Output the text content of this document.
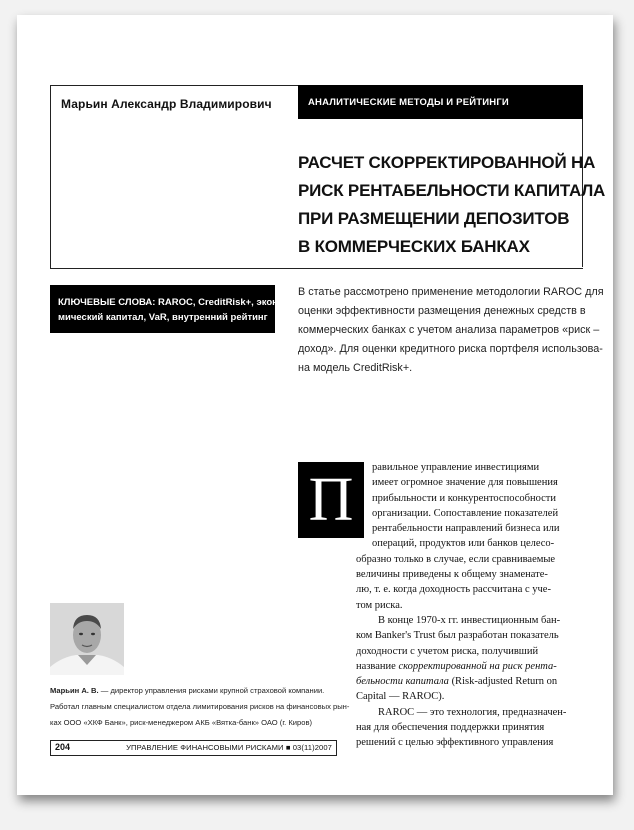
Марьин Александр Владимирович	АНАЛИТИЧЕСКИЕ МЕТОДЫ И РЕЙТИНГИ
РАСЧЕТ СКОРРЕКТИРОВАННОЙ НА
РИСК РЕНТАБЕЛЬНОСТИ КАПИТАЛА
ПРИ РАЗМЕЩЕНИИ ДЕПОЗИТОВ
В КОММЕРЧЕСКИХ БАНКАХ
КЛЮЧЕВЫЕ СЛОВА: RAROC, CreditRisk+, эконо-
мический капитал, VaR, внутренний рейтинг
В статье рассмотрено применение методологии RAROC для
оценки эффективности размещения денежных средств в
коммерческих банках с учетом анализа параметров «риск –
доход». Для оценки кредитного риска портфеля использова-
на модель CreditRisk+.
П	равильное управление инвестициями
имеет огромное значение для повышения
прибыльности и конкурентоспособности
организации. Сопоставление показателей
рентабельности направлений бизнеса или
операций, продуктов или банков целесо-
образно только в случае, если сравниваемые
величины приведены к общему знаменате-
лю, т. е. когда доходность рассчитана с уче-
том риска.
В конце 1970-х гг. инвестиционным бан-
ком Banker's Trust был разработан показатель
доходности с учетом риска, получивший
название скорректированной на риск рента-
бельности капитала (Risk-adjusted Return on
Capital — RAROC).
RAROC — это технология, предназначен-
ная для обеспечения поддержки принятия
решений с целью эффективного управления
Марьин А. В. — директор управления рисками крупной страховой компании.
Работал главным специалистом отдела лимитирования рисков на финансовых рын-
ках ООО «ХКФ Банк», риск-менеджером АКБ «Вятка-банк» ОАО (г. Киров)
204	УПРАВЛЕНИЕ ФИНАНСОВЫМИ РИСКАМИ ■ 03(11)2007
